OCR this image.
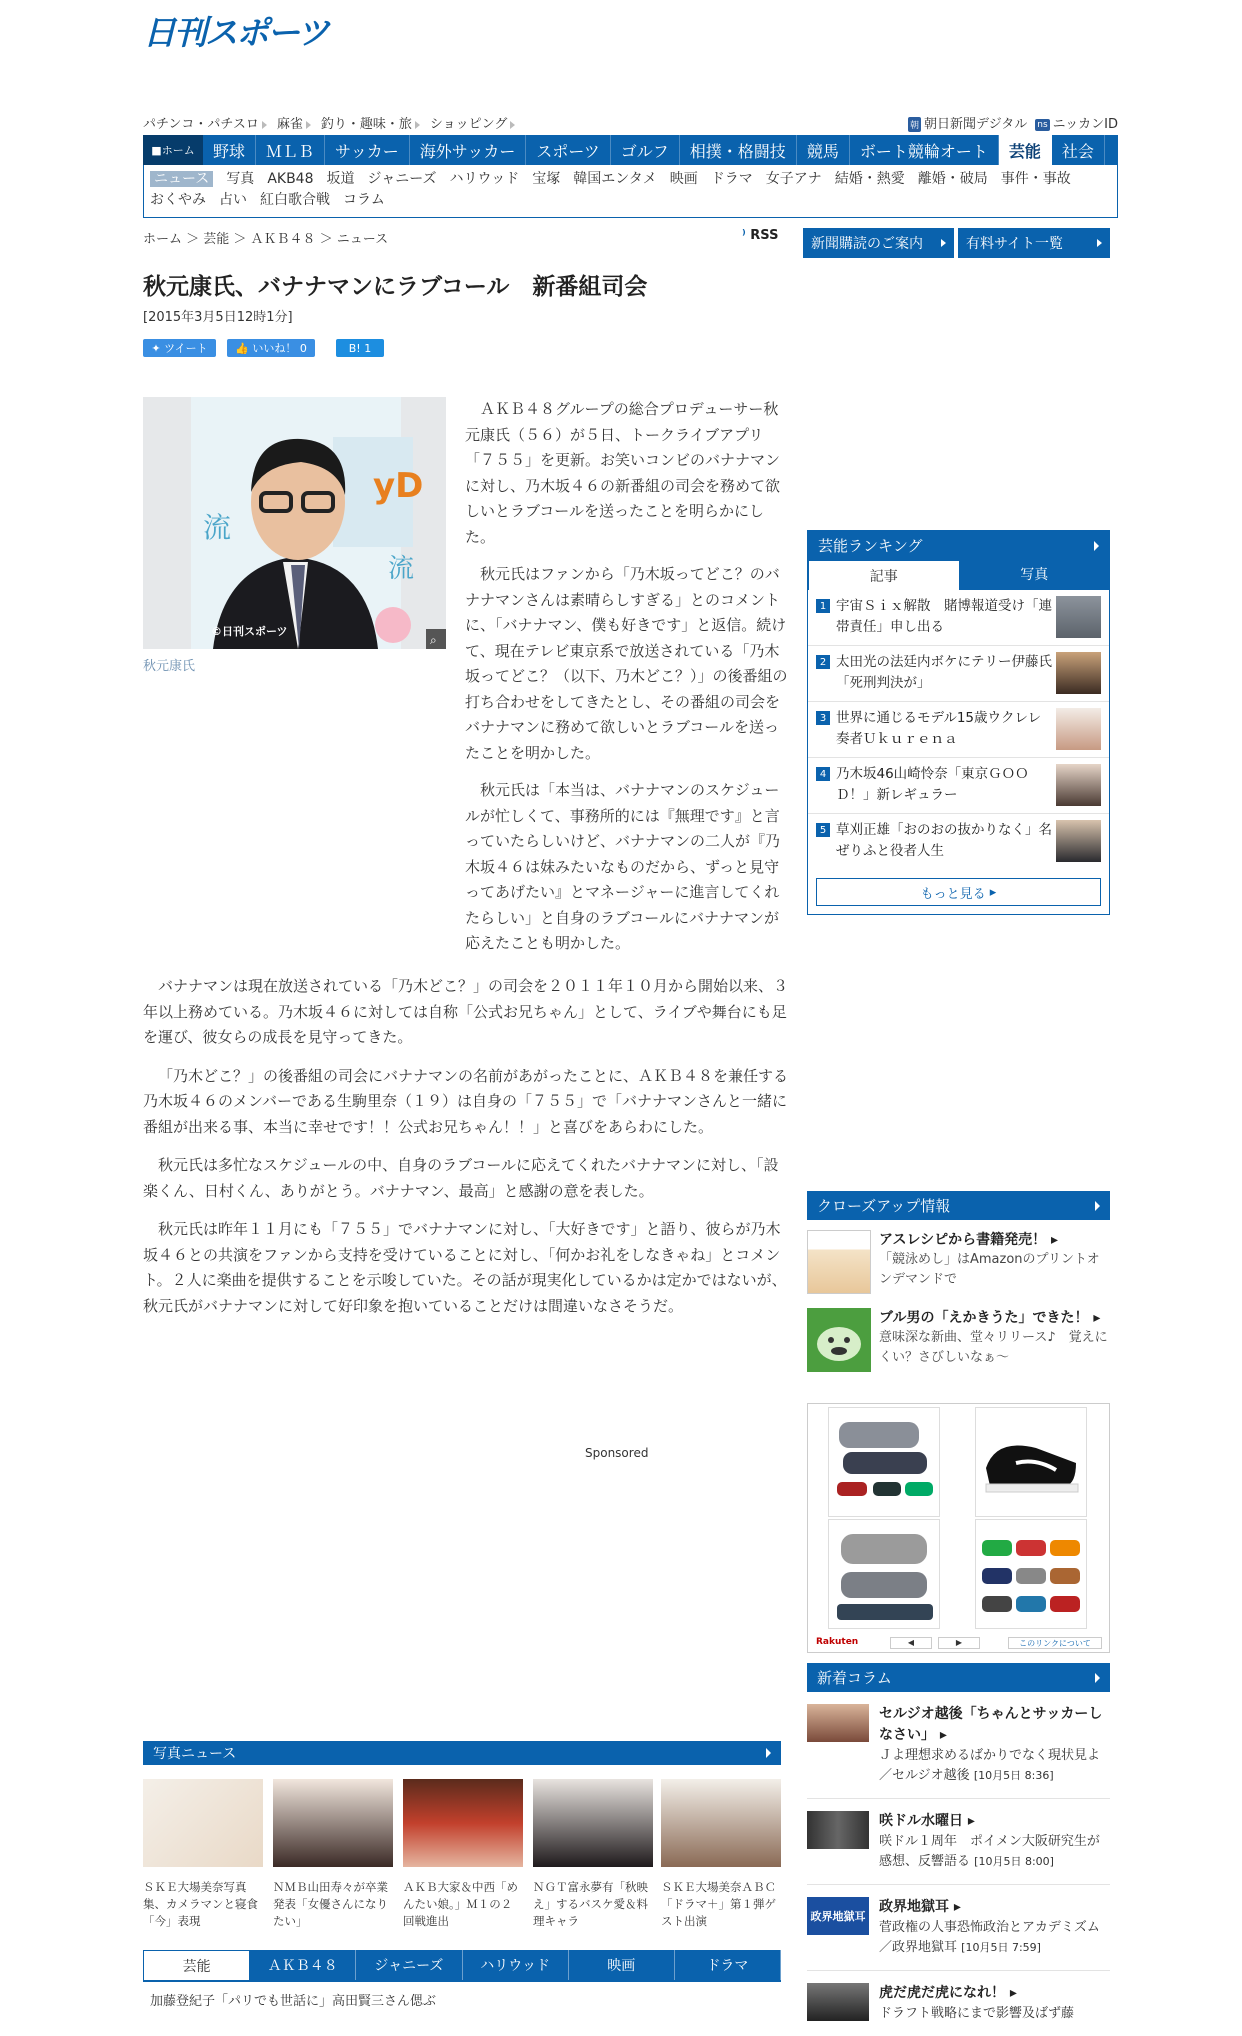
日刊スポーツ
パチンコ・パチスロ	麻雀	釣り・趣味・旅	ショッピング	朝 朝日新聞デジタル ns ニッカンID
■ ホーム	野球	ＭＬＢ	サッカー	海外サッカー	スポーツ	ゴルフ	相撲・格闘技	競馬	ボート競輪オート	芸能	社会
ニュース 写真 AKB48 坂道 ジャニーズ ハリウッド 宝塚 韓国エンタメ 映画 ドラマ 女子アナ 結婚・熱愛 離婚・破局 事件・事故
おくやみ 占い 紅白歌合戦 コラム
ホーム ＞ 芸能 ＞ ＡＫＢ４８ ＞ ニュース	⁾ RSS
新聞購読のご案内	有料サイト一覧
秋元康氏、バナナマンにラブコール　新番組司会
[2015年3月5日12時1分]
✦
ツイート	👍
いいね！ 0	B! 1
yD
流
流
⌕
©日刊スポーツ
秋元康氏

ＡＫＢ４８グループの総合プロデューサー秋元康氏（５６）が５日、トークライブアプリ「７５５」を更新。お笑いコンビのバナナマンに対し、乃木坂４６の新番組の司会を務めて欲しいとラブコールを送ったことを明らかにした。

秋元氏はファンから「乃木坂ってどこ？のバナナマンさんは素晴らしすぎる」とのコメントに、「バナナマン、僕も好きです」と返信。続けて、現在テレビ東京系で放送されている「乃木坂ってどこ？（以下、乃木どこ？）」の後番組の打ち合わせをしてきたとし、その番組の司会をバナナマンに務めて欲しいとラブコールを送ったことを明かした。

秋元氏は「本当は、バナナマンのスケジュールが忙しくて、事務所的には『無理です』と言っていたらしいけど、バナナマンの二人が『乃木坂４６は妹みたいなものだから、ずっと見守ってあげたい』とマネージャーに進言してくれたらしい」と自身のラブコールにバナナマンが応えたことも明かした。

バナナマンは現在放送されている「乃木どこ？」の司会を２０１１年１０月から開始以来、３年以上務めている。乃木坂４６に対しては自称「公式お兄ちゃん」として、ライブや舞台にも足を運び、彼女らの成長を見守ってきた。

「乃木どこ？」の後番組の司会にバナナマンの名前があがったことに、ＡＫＢ４８を兼任する乃木坂４６のメンバーである生駒里奈（１９）は自身の「７５５」で「バナナマンさんと一緒に番組が出来る事、本当に幸せです！！公式お兄ちゃん！！」と喜びをあらわにした。

秋元氏は多忙なスケジュールの中、自身のラブコールに応えてくれたバナナマンに対し、「設楽くん、日村くん、ありがとう。バナナマン、最高」と感謝の意を表した。

秋元氏は昨年１１月にも「７５５」でバナナマンに対し、「大好きです」と語り、彼らが乃木坂４６との共演をファンから支持を受けていることに対し、「何かお礼をしなきゃね」とコメント。２人に楽曲を提供することを示唆していた。その話が現実化しているかは定かではないが、秋元氏がバナナマンに対して好印象を抱いていることだけは間違いなさそうだ。

Sponsored
芸能ランキング
記事	写真
1 宇宙Ｓｉｘ解散　賭博報道受け「連帯責任」申し出る
2 太田光の法廷内ボケにテリー伊藤氏「死刑判決が」
3 世界に通じるモデル15歳ウクレレ奏者Ｕｋｕｒｅｎａ
4 乃木坂46山崎怜奈「東京ＧＯＯＤ！」新レギュラー
5 草刈正雄「おのおの抜かりなく」名ぜりふと役者人生
もっと見る ▸
クローズアップ情報
アスレシピから書籍発売！ ▸
「競泳めし」はAmazonのプリントオンデマンドで
ブル男の「えかきうた」できた！ ▸
意味深な新曲、堂々リリース♪　覚えにくい？さびしいなぁ～
Rakuten	◀	▶	このリンクについて
新着コラム
セルジオ越後「ちゃんとサッカーしなさい」 ▸
Ｊよ理想求めるばかりでなく現状見よ／セルジオ越後 [10月5日 8:36]
咲ドル水曜日 ▸
咲ドル１周年　ポイメン大阪研究生が感想、反響語る [10月5日 8:00]
政界地獄耳
政界地獄耳 ▸
菅政権の人事恐怖政治とアカデミズム／政界地獄耳 [10月5日 7:59]
虎だ虎だ虎になれ！ ▸
ドラフト戦略にまで影響及ばず藤
写真ニュース
ＳＫＥ大場美奈写真集、カメラマンと寝食「今」表現
ＮＭＢ山田寿々が卒業発表「女優さんになりたい」
ＡＫＢ大家＆中西「めんたい娘。」Ｍ１の２回戦進出
ＮＧＴ富永夢有「秋映え」するバスケ愛＆料理キャラ
ＳＫＥ大場美奈ＡＢＣ「ドラマ＋」第１弾ゲスト出演
芸能	ＡＫＢ４８	ジャニーズ	ハリウッド	映画	ドラマ
加藤登紀子「パリでも世話に」高田賢三さん偲ぶ
